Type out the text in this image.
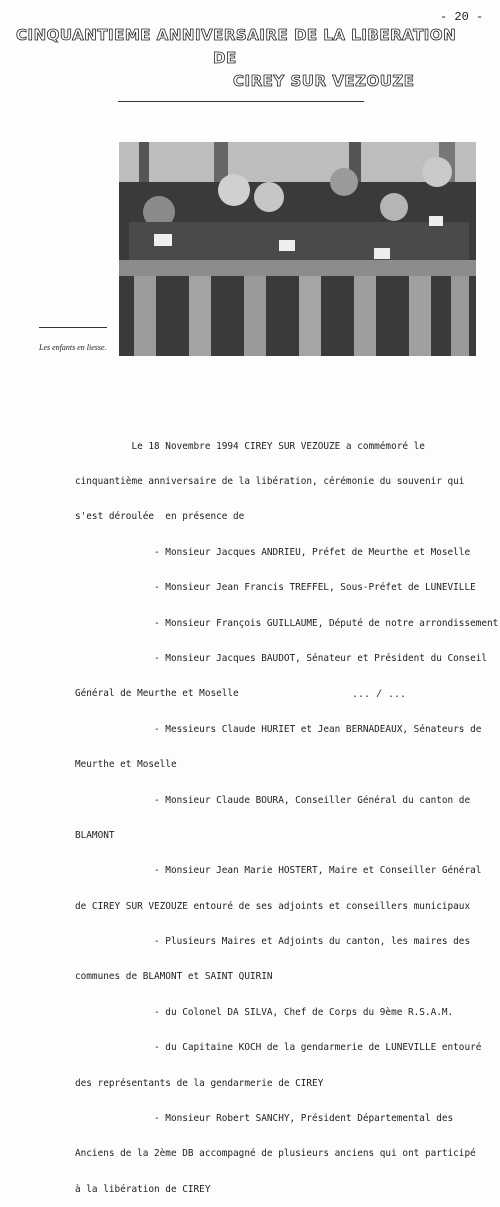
- 20 -
CINQUANTIEME ANNIVERSAIRE DE LA LIBERATION
DE
CIREY SUR VEZOUZE
Les enfants en liesse.

Le 18 Novembre 1994 CIREY SUR VEZOUZE a commémoré le

cinquantième anniversaire de la libération, cérémonie du souvenir qui

s'est déroulée  en présence de

- Monsieur Jacques ANDRIEU, Préfet de Meurthe et Moselle

- Monsieur Jean Francis TREFFEL, Sous-Préfet de LUNEVILLE

- Monsieur François GUILLAUME, Député de notre arrondissement

- Monsieur Jacques BAUDOT, Sénateur et Président du Conseil

Général de Meurthe et Moselle

- Messieurs Claude HURIET et Jean BERNADEAUX, Sénateurs de

Meurthe et Moselle

- Monsieur Claude BOURA, Conseiller Général du canton de

BLAMONT

- Monsieur Jean Marie HOSTERT, Maire et Conseiller Général

de CIREY SUR VEZOUZE entouré de ses adjoints et conseillers municipaux

- Plusieurs Maires et Adjoints du canton, les maires des

communes de BLAMONT et SAINT QUIRIN

- du Colonel DA SILVA, Chef de Corps du 9ème R.S.A.M.

- du Capitaine KOCH de la gendarmerie de LUNEVILLE entouré

des représentants de la gendarmerie de CIREY

- Monsieur Robert SANCHY, Président Départemental des

Anciens de la 2ème DB accompagné de plusieurs anciens qui ont participé

à la libération de CIREY

... / ...
